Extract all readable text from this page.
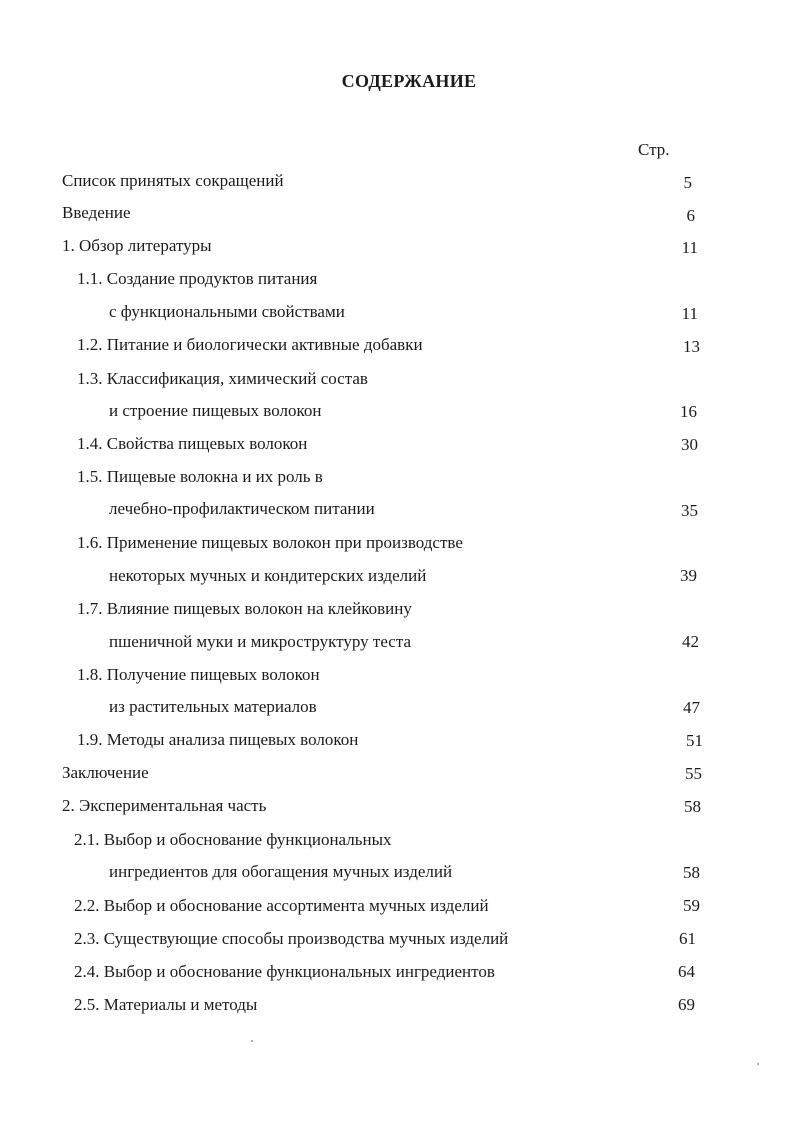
СОДЕРЖАНИЕ
Стр.
Список принятых сокращений	5
Введение	6
1. Обзор литературы	11
1.1. Создание продуктов питания
с функциональными свойствами	11
1.2. Питание и биологически активные добавки	13
1.3. Классификация, химический состав
и строение пищевых волокон	16
1.4. Свойства пищевых волокон	30
1.5. Пищевые волокна и их роль в
лечебно-профилактическом питании	35
1.6. Применение пищевых волокон при производстве
некоторых мучных и кондитерских изделий	39
1.7. Влияние пищевых волокон на клейковину
пшеничной муки и микроструктуру теста	42
1.8. Получение пищевых волокон
из растительных материалов	47
1.9. Методы анализа пищевых волокон	51
Заключение	55
2. Экспериментальная часть	58
2.1. Выбор и обоснование функциональных
ингредиентов для обогащения мучных изделий	58
2.2. Выбор и обоснование ассортимента мучных изделий	59
2.3. Существующие способы производства мучных изделий	61
2.4. Выбор и обоснование функциональных ингредиентов	64
2.5. Материалы и методы	69
